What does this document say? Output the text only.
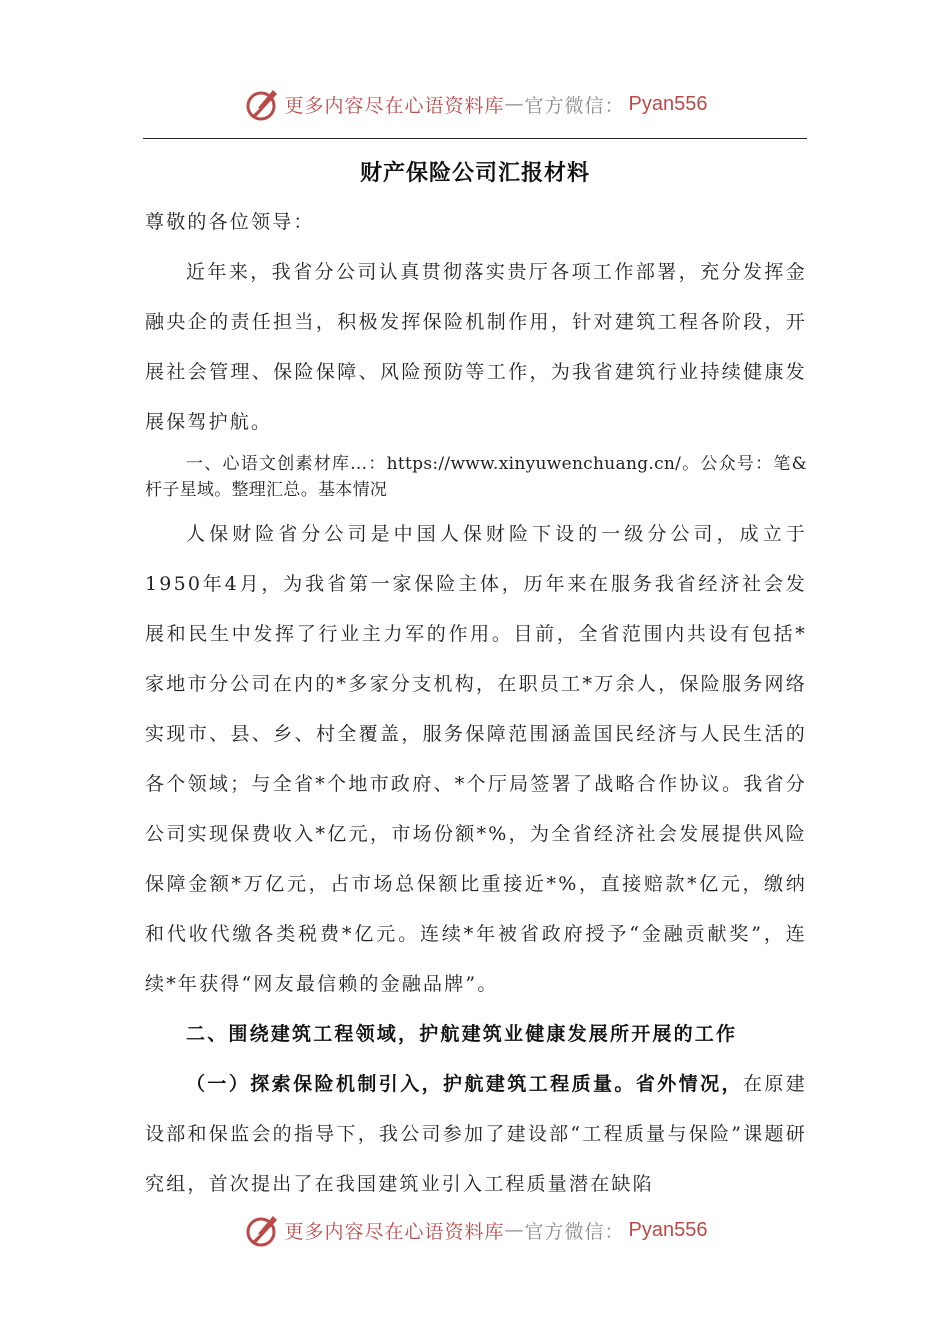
更多内容尽在心语资料库 — 官方微信： Pyan556
财产保险公司汇报材料

尊敬的各位领导：

近年来，我省分公司认真贯彻落实贵厅各项工作部署，充分发挥金融央企的责任担当，积极发挥保险机制作用，针对建筑工程各阶段，开展社会管理、保险保障、风险预防等工作，为我省建筑行业持续健康发展保驾护航。

一、心语文创素材库…：https://www.xinyuwenchuang.cn/。公众号：笔&杆子星域。整理汇总。基本情况

人保财险省分公司是中国人保财险下设的一级分公司，成立于1950年4月，为我省第一家保险主体，历年来在服务我省经济社会发展和民生中发挥了行业主力军的作用。目前，全省范围内共设有包括*家地市分公司在内的*多家分支机构，在职员工*万余人，保险服务网络实现市、县、乡、村全覆盖，服务保障范围涵盖国民经济与人民生活的各个领域；与全省*个地市政府、*个厅局签署了战略合作协议。我省分公司实现保费收入*亿元，市场份额*%，为全省经济社会发展提供风险保障金额*万亿元，占市场总保额比重接近*%，直接赔款*亿元，缴纳和代收代缴各类税费*亿元。连续*年被省政府授予“金融贡献奖”，连续*年获得“网友最信赖的金融品牌”。

二、围绕建筑工程领域，护航建筑业健康发展所开展的工作

（一）探索保险机制引入，护航建筑工程质量。省外情况，在原建设部和保监会的指导下，我公司参加了建设部“工程质量与保险”课题研究组，首次提出了在我国建筑业引入工程质量潜在缺陷

更多内容尽在心语资料库 — 官方微信： Pyan556
